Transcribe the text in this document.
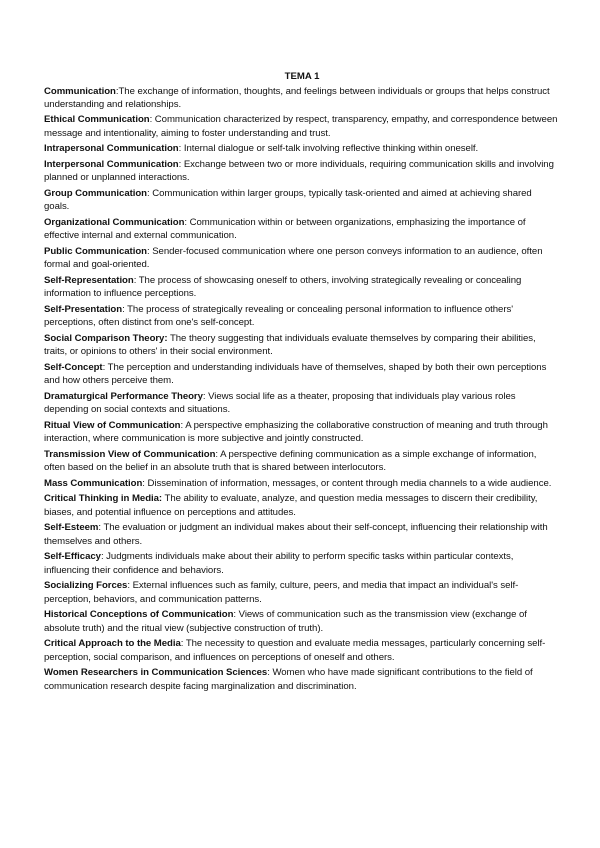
TEMA 1

Communication:The exchange of information, thoughts, and feelings between individuals or groups that helps construct understanding and relationships.

Ethical Communication: Communication characterized by respect, transparency, empathy, and correspondence between message and intentionality, aiming to foster understanding and trust.

Intrapersonal Communication: Internal dialogue or self-talk involving reflective thinking within oneself.

Interpersonal Communication: Exchange between two or more individuals, requiring communication skills and involving planned or unplanned interactions.

Group Communication: Communication within larger groups, typically task-oriented and aimed at achieving shared goals.

Organizational Communication: Communication within or between organizations, emphasizing the importance of effective internal and external communication.

Public Communication: Sender-focused communication where one person conveys information to an audience, often formal and goal-oriented.

Self-Representation: The process of showcasing oneself to others, involving strategically revealing or concealing information to influence perceptions.

Self-Presentation: The process of strategically revealing or concealing personal information to influence others' perceptions, often distinct from one's self-concept.

Social Comparison Theory: The theory suggesting that individuals evaluate themselves by comparing their abilities, traits, or opinions to others' in their social environment.

Self-Concept: The perception and understanding individuals have of themselves, shaped by both their own perceptions and how others perceive them.

Dramaturgical Performance Theory: Views social life as a theater, proposing that individuals play various roles depending on social contexts and situations.

Ritual View of Communication: A perspective emphasizing the collaborative construction of meaning and truth through interaction, where communication is more subjective and jointly constructed.

Transmission View of Communication: A perspective defining communication as a simple exchange of information, often based on the belief in an absolute truth that is shared between interlocutors.

Mass Communication: Dissemination of information, messages, or content through media channels to a wide audience.

Critical Thinking in Media: The ability to evaluate, analyze, and question media messages to discern their credibility, biases, and potential influence on perceptions and attitudes.

Self-Esteem: The evaluation or judgment an individual makes about their self-concept, influencing their relationship with themselves and others.

Self-Efficacy: Judgments individuals make about their ability to perform specific tasks within particular contexts, influencing their confidence and behaviors.

Socializing Forces: External influences such as family, culture, peers, and media that impact an individual's self-perception, behaviors, and communication patterns.

Historical Conceptions of Communication: Views of communication such as the transmission view (exchange of absolute truth) and the ritual view (subjective construction of truth).

Critical Approach to the Media: The necessity to question and evaluate media messages, particularly concerning self-perception, social comparison, and influences on perceptions of oneself and others.

Women Researchers in Communication Sciences: Women who have made significant contributions to the field of communication research despite facing marginalization and discrimination.
